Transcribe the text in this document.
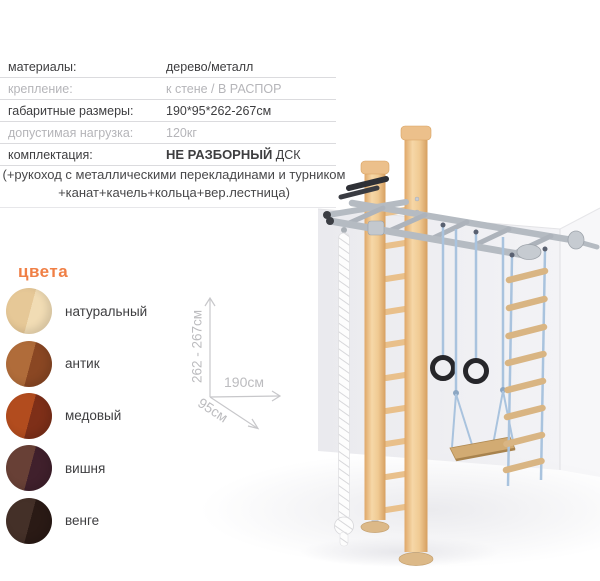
материалы:	дерево/металл
крепление:	к стене / В РАСПОР
габаритные размеры:	190*95*262-267см
допустимая нагрузка:	120кг
комплектация:	НЕ РАЗБОРНЫЙ ДСК
(+рукоход с металлическими перекладинами и турником
+канат+качель+кольца+вер.лестница)
цвета
натуральный
антик
медовый
вишня
венге
262 - 267см	190см
95см
